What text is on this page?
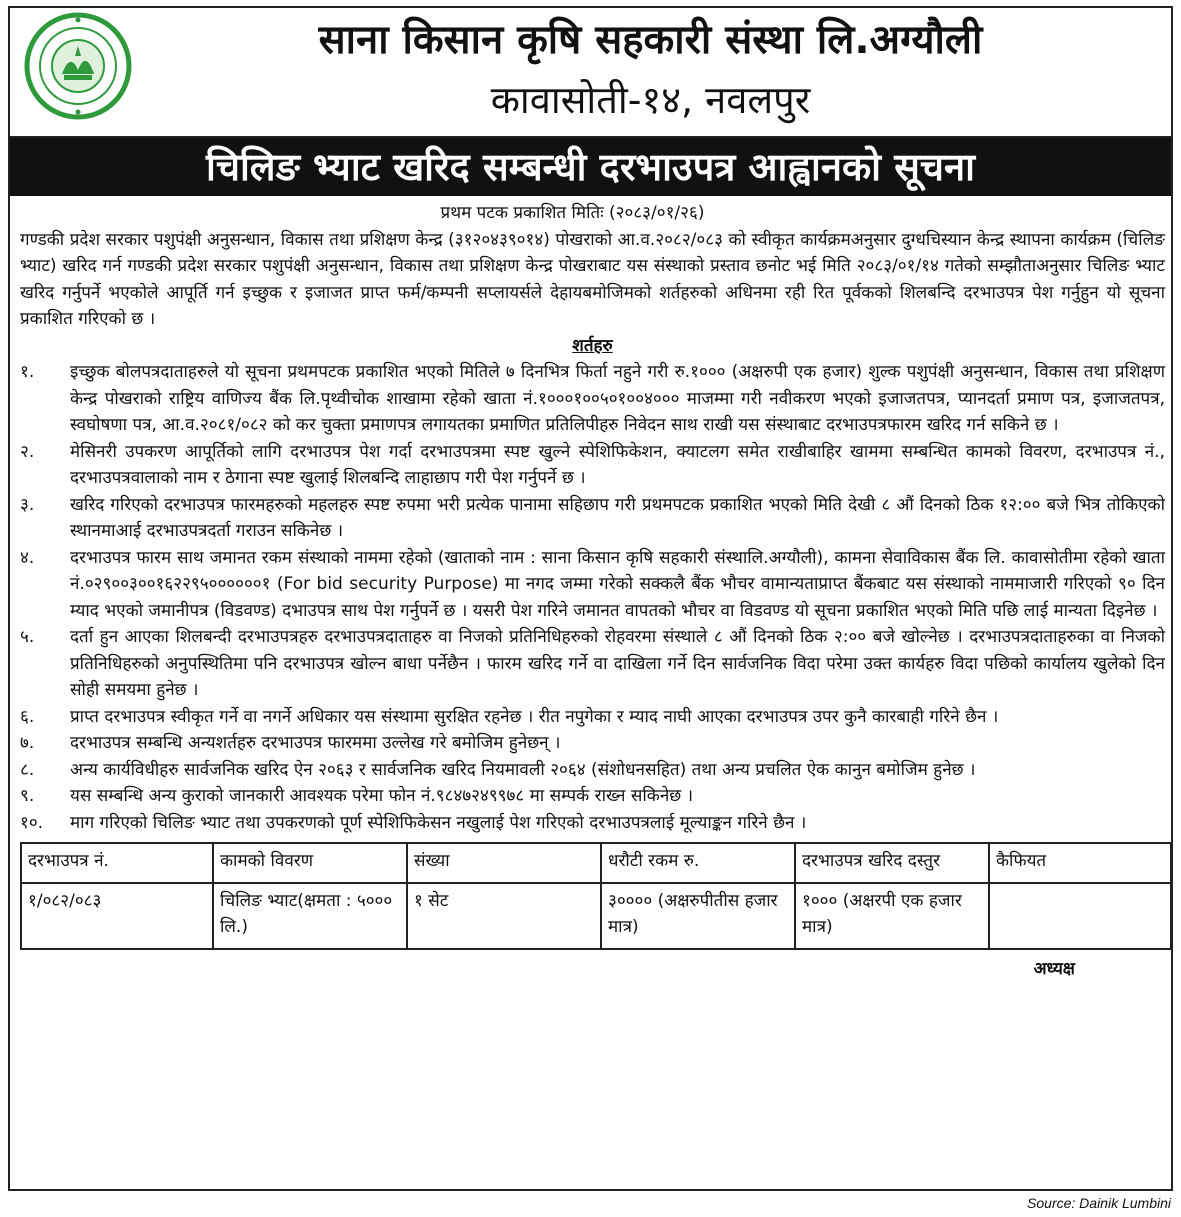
साना किसान कृषि सहकारी संस्था लि.अग्यौली
कावासोती-१४, नवलपुर
चिलिङ भ्याट खरिद सम्बन्धी दरभाउपत्र आह्वानको सूचना
प्रथम पटक प्रकाशित मितिः (२०८३/०१/२६)
गण्डकी प्रदेश सरकार पशुपंक्षी अनुसन्धान, विकास तथा प्रशिक्षण केन्द्र (३१२०४३९०१४) पोखराको आ.व.२०८२/०८३ को स्वीकृत कार्यक्रमअनुसार दुग्धचिस्यान केन्द्र स्थापना कार्यक्रम (चिलिङ भ्याट) खरिद गर्न गण्डकी प्रदेश सरकार पशुपंक्षी अनुसन्धान, विकास तथा प्रशिक्षण केन्द्र पोखराबाट यस संस्थाको प्रस्ताव छनोट भई मिति २०८३/०१/१४ गतेको सम्झौताअनुसार चिलिङ भ्याट खरिद गर्नुपर्ने भएकोले आपूर्ति गर्न इच्छुक र इजाजत प्राप्त फर्म/कम्पनी सप्लायर्सले देहायबमोजिमको शर्तहरुको अधिनमा रही रित पूर्वकको शिलबन्दि दरभाउपत्र पेश गर्नुहुन यो सूचना प्रकाशित गरिएको छ ।
शर्तहरु
१.	इच्छुक बोलपत्रदाताहरुले यो सूचना प्रथमपटक प्रकाशित भएको मितिले ७ दिनभित्र फिर्ता नहुने गरी रु.१००० (अक्षरुपी एक हजार) शुल्क पशुपंक्षी अनुसन्धान, विकास तथा प्रशिक्षण केन्द्र पोखराको राष्ट्रिय वाणिज्य बैंक लि.पृथ्वीचोक शाखामा रहेको खाता नं.१०००१००५०१००४००० माजम्मा गरी नवीकरण भएको इजाजतपत्र, प्यानदर्ता प्रमाण पत्र, इजाजतपत्र, स्वघोषणा पत्र, आ.व.२०८१/०८२ को कर चुक्ता प्रमाणपत्र लगायतका प्रमाणित प्रतिलिपीहरु निवेदन साथ राखी यस संस्थाबाट दरभाउपत्रफारम खरिद गर्न सकिने छ ।
२.	मेसिनरी उपकरण आपूर्तिको लागि दरभाउपत्र पेश गर्दा दरभाउपत्रमा स्पष्ट खुल्ने स्पेशिफिकेशन, क्याटलग समेत राखीबाहिर खाममा सम्बन्धित कामको विवरण, दरभाउपत्र नं., दरभाउपत्रवालाको नाम र ठेगाना स्पष्ट खुलाई शिलबन्दि लाहाछाप गरी पेश गर्नुपर्ने छ ।
३.	खरिद गरिएको दरभाउपत्र फारमहरुको महलहरु स्पष्ट रुपमा भरी प्रत्येक पानामा सहिछाप गरी प्रथमपटक प्रकाशित भएको मिति देखी ८ औं दिनको ठिक १२:०० बजे भित्र तोकिएको स्थानमाआई दरभाउपत्रदर्ता गराउन सकिनेछ ।
४.	दरभाउपत्र फारम साथ जमानत रकम संस्थाको नाममा रहेको (खाताको नाम : साना किसान कृषि सहकारी संस्थालि.अग्यौली), कामना सेवाविकास बैंक लि. कावासोतीमा रहेको खाता नं.०२९००३००१६२२९५००००००१ (For bid security Purpose) मा नगद जम्मा गरेको सक्कलै बैंक भौचर वामान्यताप्राप्त बैंकबाट यस संस्थाको नाममाजारी गरिएको ९० दिन म्याद भएको जमानीपत्र (विडवण्ड) दभाउपत्र साथ पेश गर्नुपर्ने छ । यसरी पेश गरिने जमानत वापतको भौचर वा विडवण्ड यो सूचना प्रकाशित भएको मिति पछि लाई मान्यता दिइनेछ ।
५.	दर्ता हुन आएका शिलबन्दी दरभाउपत्रहरु दरभाउपत्रदाताहरु वा निजको प्रतिनिधिहरुको रोहवरमा संस्थाले ८ औं दिनको ठिक २:०० बजे खोल्नेछ । दरभाउपत्रदाताहरुका वा निजको प्रतिनिधिहरुको अनुपस्थितिमा पनि दरभाउपत्र खोल्न बाधा पर्नेछैन । फारम खरिद गर्ने वा दाखिला गर्ने दिन सार्वजनिक विदा परेमा उक्त कार्यहरु विदा पछिको कार्यालय खुलेको दिन सोही समयमा हुनेछ ।
६.	प्राप्त दरभाउपत्र स्वीकृत गर्ने वा नगर्ने अधिकार यस संस्थामा सुरक्षित रहनेछ । रीत नपुगेका र म्याद नाघी आएका दरभाउपत्र उपर कुनै कारबाही गरिने छैन ।
७.	दरभाउपत्र सम्बन्धि अन्यशर्तहरु दरभाउपत्र फारममा उल्लेख गरे बमोजिम हुनेछन् ।
८.	अन्य कार्यविधीहरु सार्वजनिक खरिद ऐन २०६३ र सार्वजनिक खरिद नियमावली २०६४ (संशोधनसहित) तथा अन्य प्रचलित ऐक कानुन बमोजिम हुनेछ ।
९.	यस सम्बन्धि अन्य कुराको जानकारी आवश्यक परेमा फोन नं.९८४७२४९९७८ मा सम्पर्क राख्न सकिनेछ ।
१०.	माग गरिएको चिलिङ भ्याट तथा उपकरणको पूर्ण स्पेशिफिकेसन नखुलाई पेश गरिएको दरभाउपत्रलाई मूल्याङ्कन गरिने छैन ।
दरभाउपत्र नं.	कामको विवरण	संख्या	धरौटी रकम रु.	दरभाउपत्र खरिद दस्तुर	कैफियत
१/०८२/०८३	चिलिङ भ्याट(क्षमता : ५००० लि.)	१ सेट	३०००० (अक्षरुपीतीस हजार मात्र)	१००० (अक्षरपी एक हजार मात्र)	
अध्यक्ष
Source: Dainik Lumbini
